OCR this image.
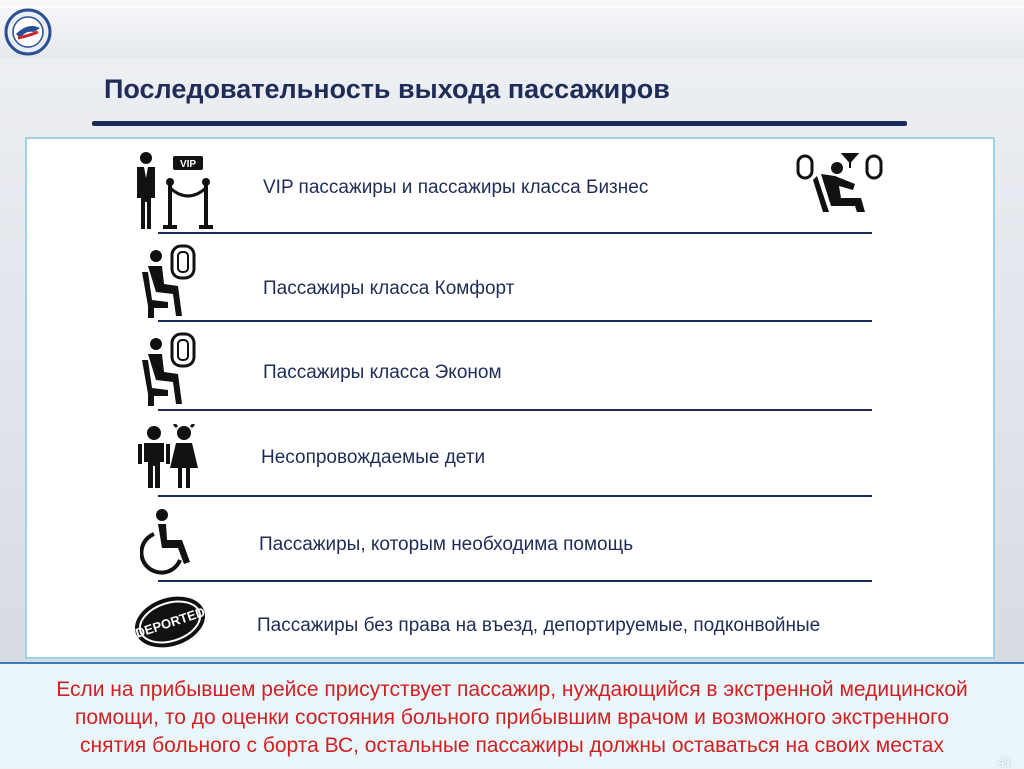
Последовательность выхода пассажиров
VIP
VIP пассажиры и пассажиры класса Бизнес
Пассажиры класса Комфорт
Пассажиры класса Эконом
Несопровождаемые дети
Пассажиры, которым необходима помощь
DEPORTED	Пассажиры без права на въезд, депортируемые, подконвойные

Если на прибывшем рейсе присутствует пассажир, нуждающийся в экстренной медицинской
помощи, то до оценки состояния больного прибывшим врачом и возможного экстренного
снятия больного с борта ВС, остальные пассажиры должны оставаться на своих местах

41
